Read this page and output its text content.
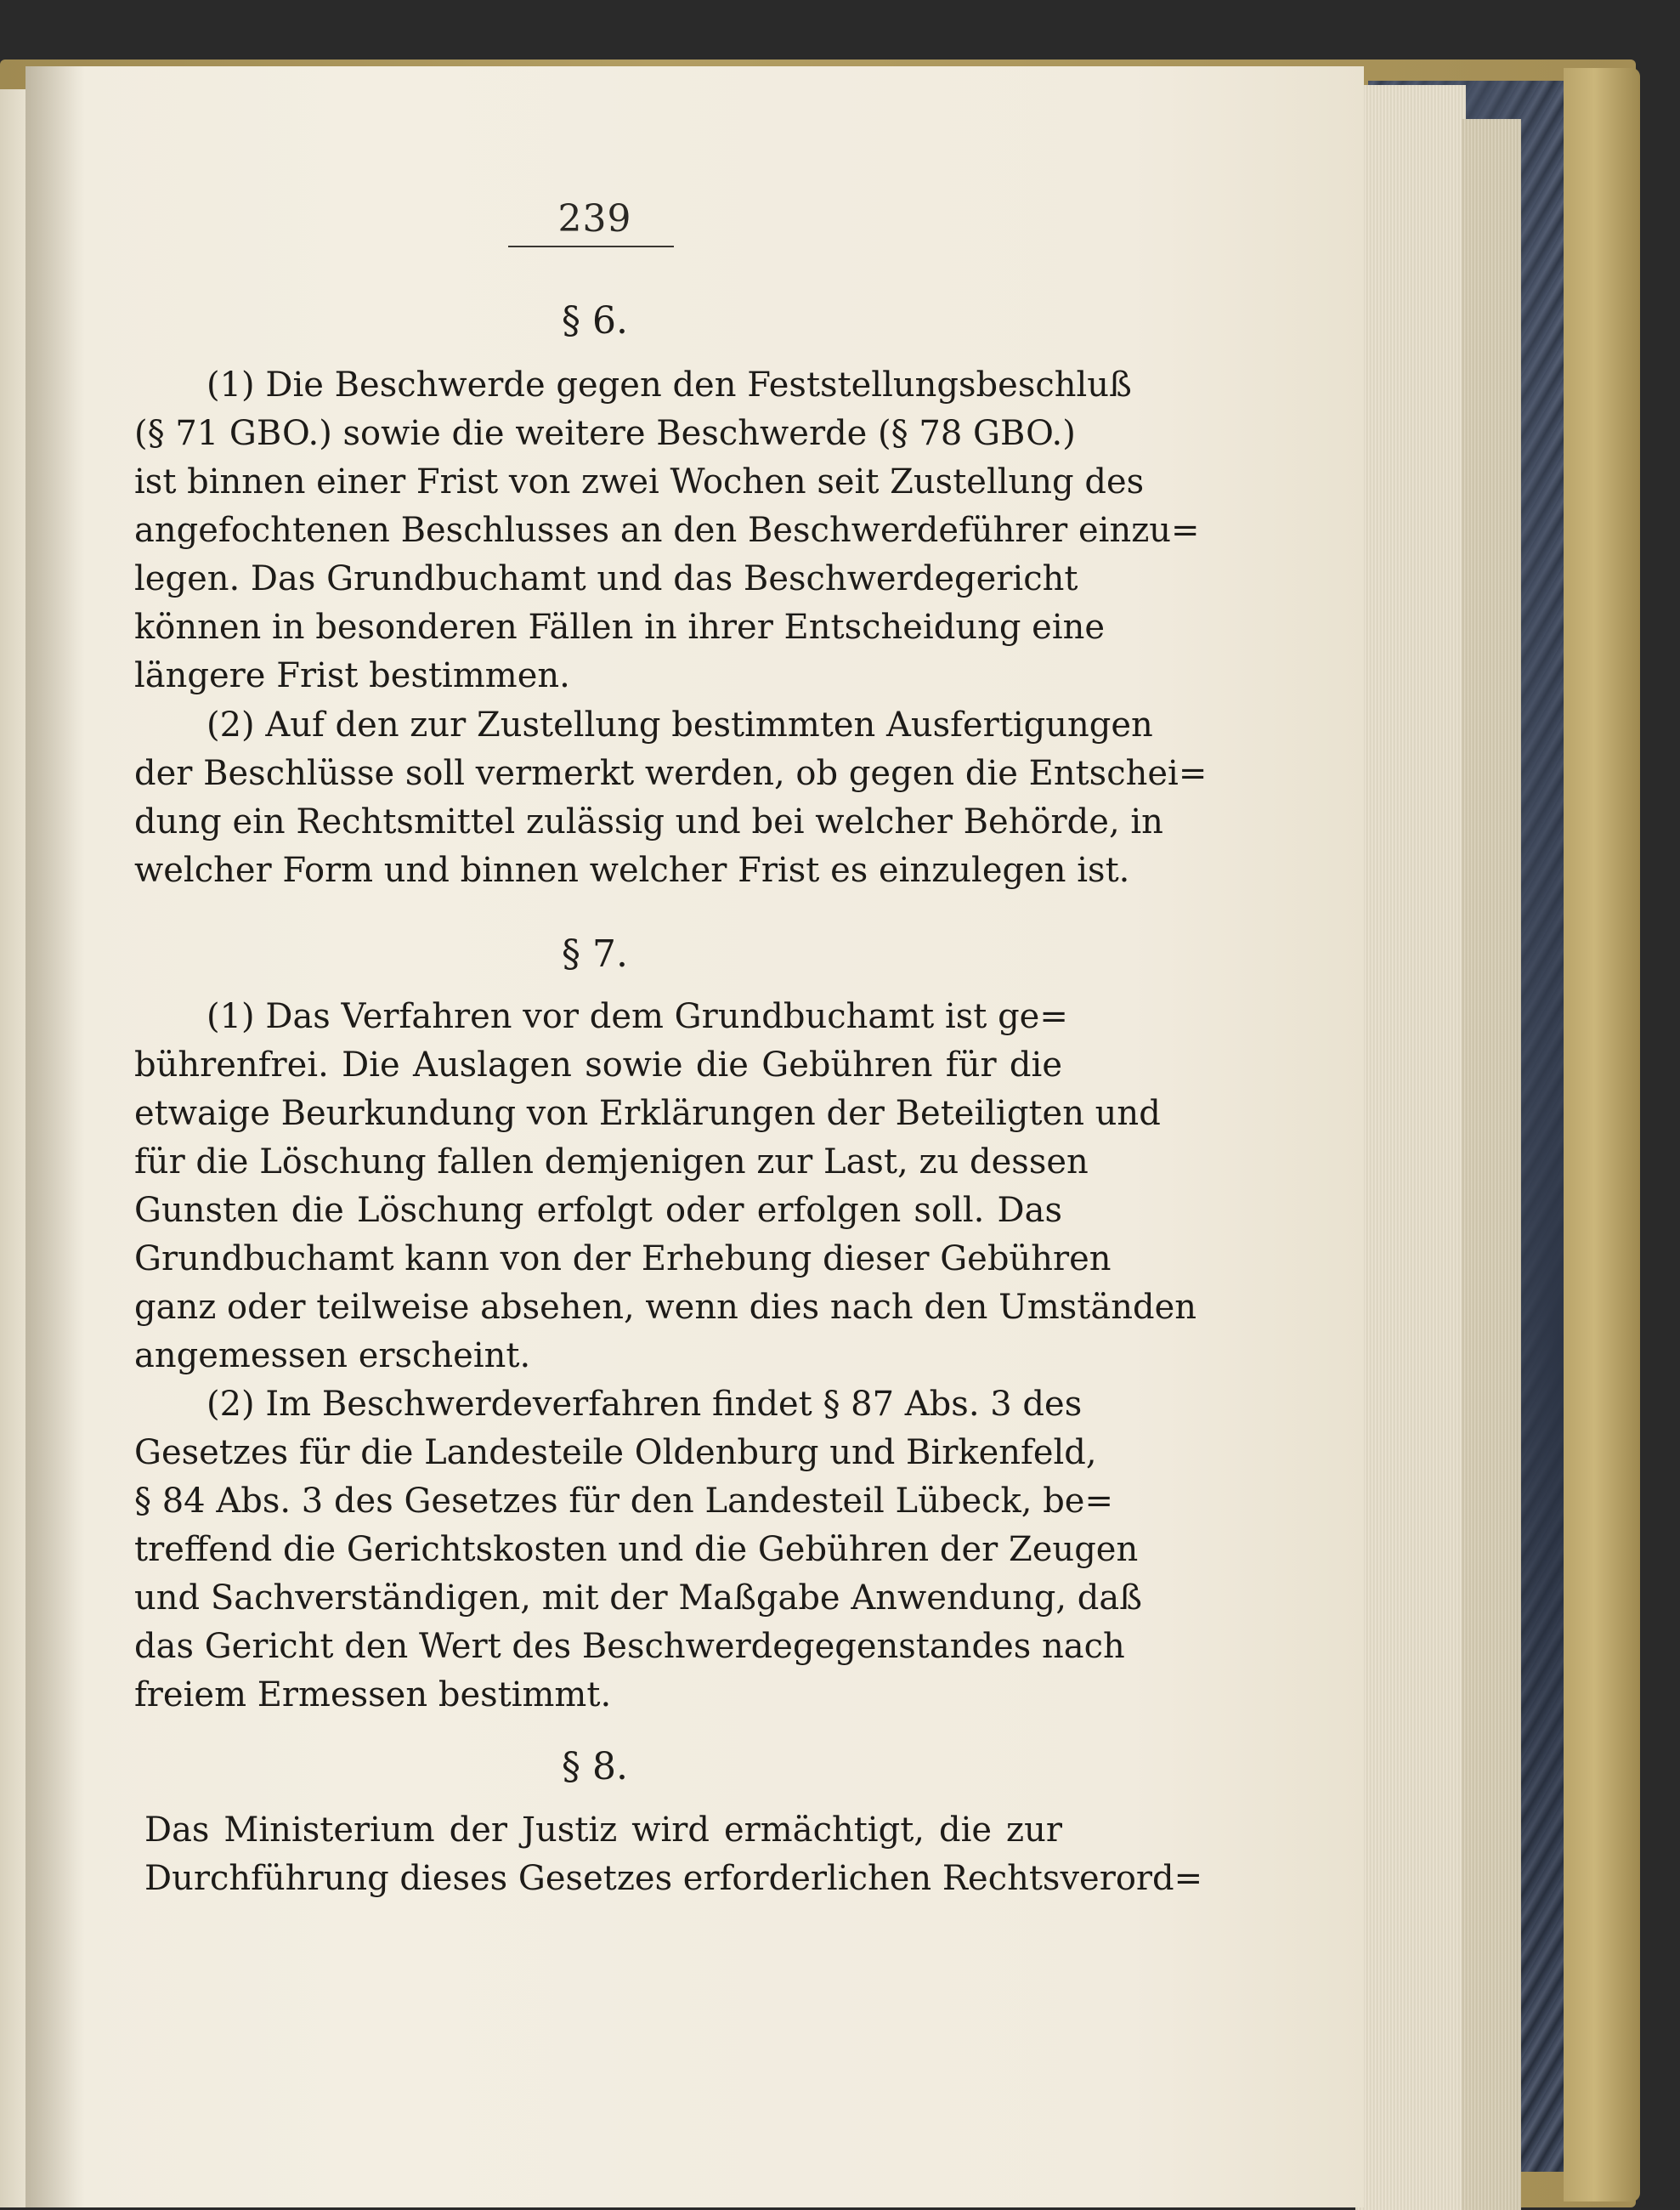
239
§ 6.
(1) Die Beschwerde gegen den Feststellungsbeschluß
(§ 71 GBO.) sowie die weitere Beschwerde (§ 78 GBO.)
ist binnen einer Frist von zwei Wochen seit Zustellung des
angefochtenen Beschlusses an den Beschwerdeführer einzu=
legen. Das Grundbuchamt und das Beschwerdegericht
können in besonderen Fällen in ihrer Entscheidung eine
längere Frist bestimmen.
(2) Auf den zur Zustellung bestimmten Ausfertigungen
der Beschlüsse soll vermerkt werden, ob gegen die Entschei=
dung ein Rechtsmittel zulässig und bei welcher Behörde, in
welcher Form und binnen welcher Frist es einzulegen ist.
§ 7.
(1) Das Verfahren vor dem Grundbuchamt ist ge=
bührenfrei. Die Auslagen sowie die Gebühren für die
etwaige Beurkundung von Erklärungen der Beteiligten und
für die Löschung fallen demjenigen zur Last, zu dessen
Gunsten die Löschung erfolgt oder erfolgen soll. Das
Grundbuchamt kann von der Erhebung dieser Gebühren
ganz oder teilweise absehen, wenn dies nach den Umständen
angemessen erscheint.
(2) Im Beschwerdeverfahren findet § 87 Abs. 3 des
Gesetzes für die Landesteile Oldenburg und Birkenfeld,
§ 84 Abs. 3 des Gesetzes für den Landesteil Lübeck, be=
treffend die Gerichtskosten und die Gebühren der Zeugen
und Sachverständigen, mit der Maßgabe Anwendung, daß
das Gericht den Wert des Beschwerdegegenstandes nach
freiem Ermessen bestimmt.
§ 8.
Das Ministerium der Justiz wird ermächtigt, die zur
Durchführung dieses Gesetzes erforderlichen Rechtsverord=
